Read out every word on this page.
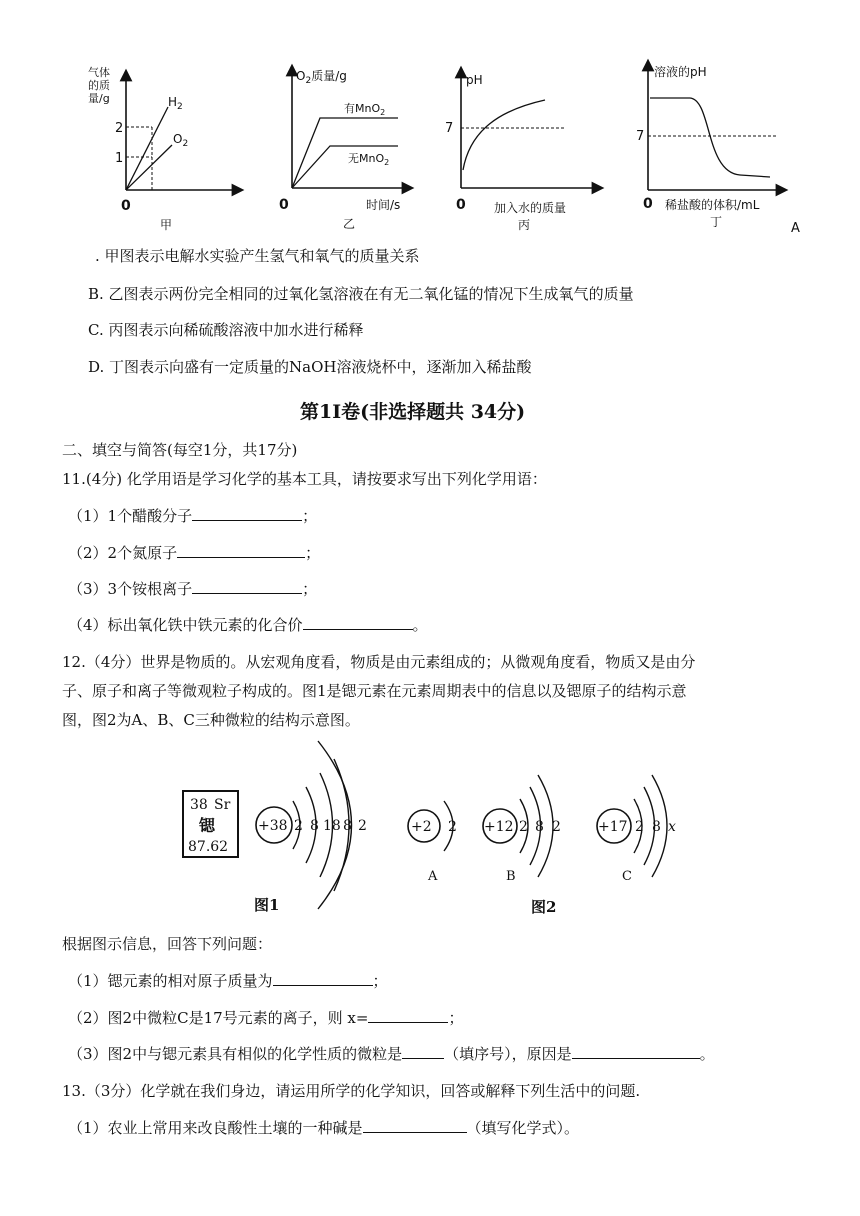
气体
的质
量/g
2
1
$H_2$
$O_2$
0
甲
$O_2$质量/g
有MnO$_2$
无MnO$_2$
0	时间/s
乙
pH
7
0 加入水的质量
丙
溶液的pH
7
0 稀盐酸的体积/mL
丁	A
. 甲图表示电解水实验产生氢气和氧气的质量关系
B. 乙图表示两份完全相同的过氧化氢溶液在有无二氧化锰的情况下生成氧气的质量
C. 丙图表示向稀硫酸溶液中加水进行稀释
D. 丁图表示向盛有一定质量的NaOH溶液烧杯中，逐渐加入稀盐酸
第1I卷(非选择题共 34分)
二、填空与简答(每空1分，共17分)
11.(4分) 化学用语是学习化学的基本工具，请按要求写出下列化学用语：
（1）1个醋酸分子	；
（2）2个氮原子	；
（3）3个铵根离子	；
（4）标出氧化铁中铁元素的化合价	。
12.（4分）世界是物质的。从宏观角度看，物质是由元素组成的；从微观角度看，物质又是由分
子、原子和离子等微观粒子构成的。图1是锶元素在元素周期表中的信息以及锶原子的结构示意
图，图2为A、B、C三种微粒的结构示意图。
38 Sr
锶
87.62
+38 2 8 18 8 2	+2 2
A
+12 2 8 2
B
+17 2 8 x
C
图1	图2
根据图示信息，回答下列问题：
（1）锶元素的相对原子质量为	；
（2）图2中微粒C是17号元素的离子，则 x=	；
（3）图2中与锶元素具有相似的化学性质的微粒是	（填序号），原因是	。
13.（3分）化学就在我们身边，请运用所学的化学知识，回答或解释下列生活中的问题.
（1）农业上常用来改良酸性土壤的一种碱是	（填写化学式）。
